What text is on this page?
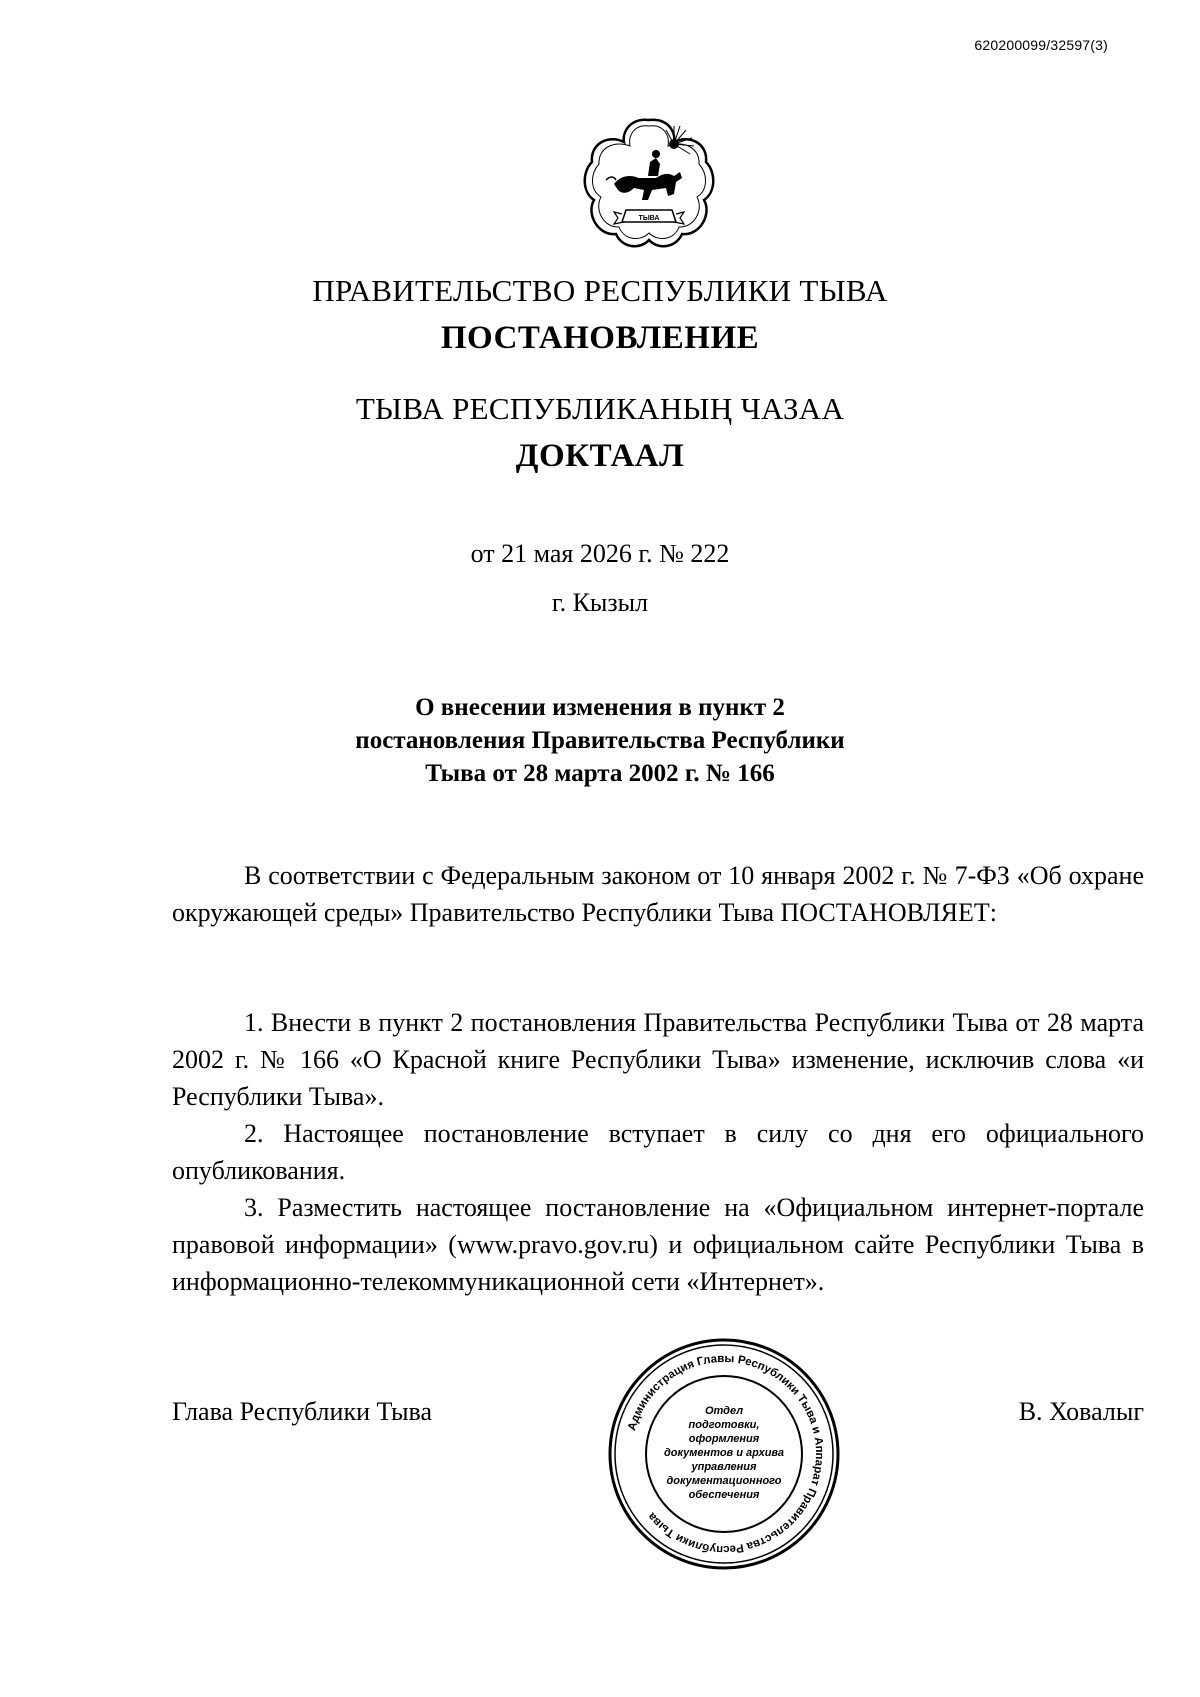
620200099/32597(3)
ТЫВА
ПРАВИТЕЛЬСТВО РЕСПУБЛИКИ ТЫВА
ПОСТАНОВЛЕНИЕ
ТЫВА РЕСПУБЛИКАНЫҢ ЧАЗАА
ДОКТААЛ
от 21 мая 2026 г. № 222
г. Кызыл
О внесении изменения в пункт 2
постановления Правительства Республики
Тыва от 28 марта 2002 г. № 166

В соответствии с Федеральным законом от 10 января 2002 г. № 7-ФЗ «Об охране окружающей среды» Правительство Республики Тыва ПОСТАНОВЛЯЕТ:

1. Внести в пункт 2 постановления Правительства Республики Тыва от 28 марта 2002 г. № 166 «О Красной книге Республики Тыва» изменение, исключив слова «и Республики Тыва».

2. Настоящее постановление вступает в силу со дня его официального опубликования.

3. Разместить настоящее постановление на «Официальном интернет-портале правовой информации» (www.pravo.gov.ru) и официальном сайте Республики Тыва в информационно-телекоммуникационной сети «Интернет».

Глава Республики Тыва	В. Ховалыг
Администрация Главы Республики Тыва и Аппарат Правительства Республики Тыва
Отдел
подготовки,
оформления
документов и архива
управления
документационного
обеспечения
